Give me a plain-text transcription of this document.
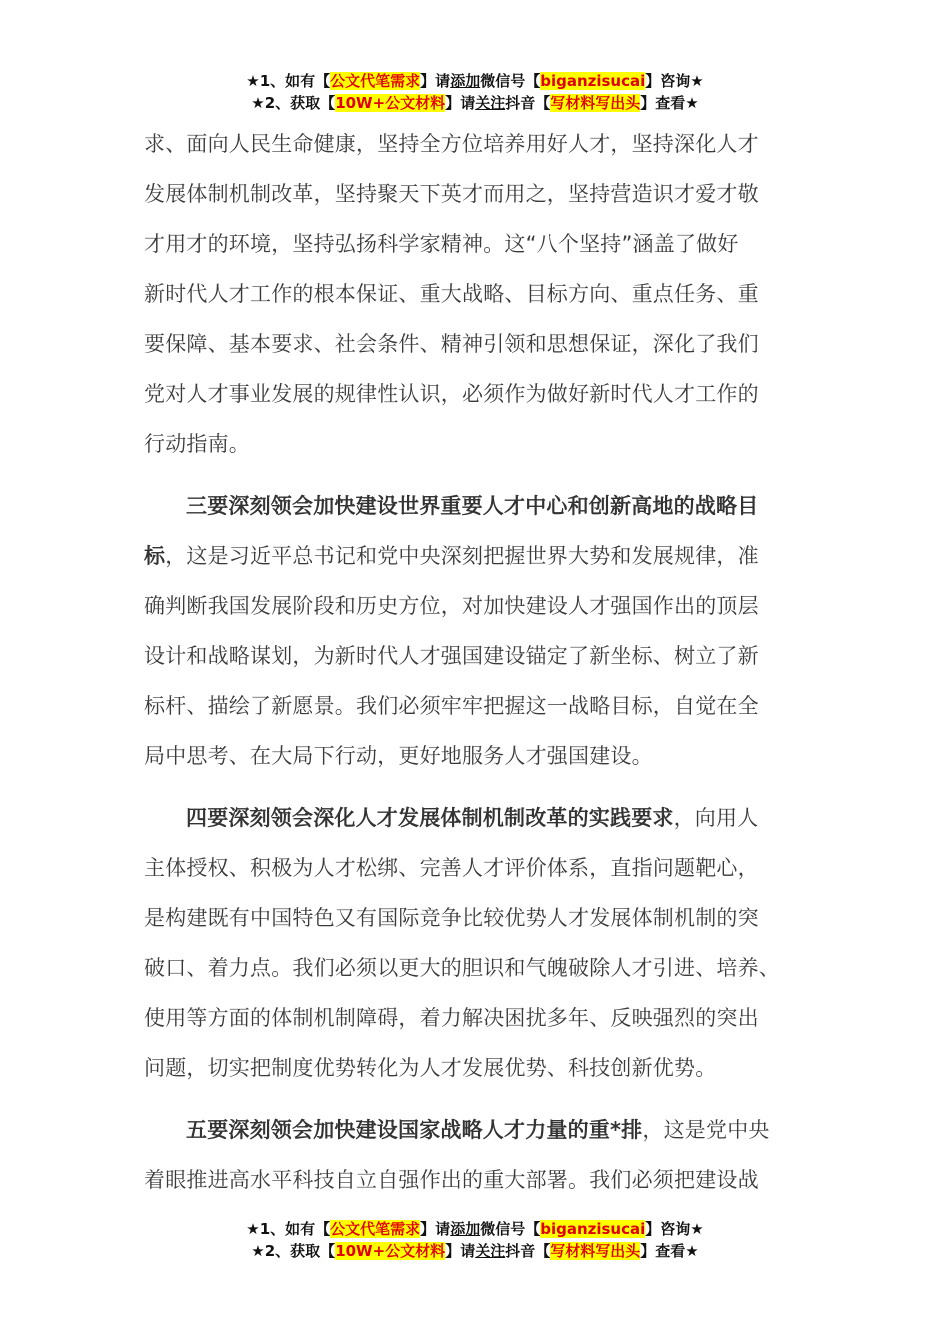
★1、如有【公文代笔需求】请添加微信号【biganzisucai】咨询★
★2、获取【10W+公文材料】请关注抖音【写材料写出头】查看★

求、面向人民生命健康，坚持全方位培养用好人才，坚持深化人才

发展体制机制改革，坚持聚天下英才而用之，坚持营造识才爱才敬

才用才的环境，坚持弘扬科学家精神。这“八个坚持”涵盖了做好

新时代人才工作的根本保证、重大战略、目标方向、重点任务、重

要保障、基本要求、社会条件、精神引领和思想保证，深化了我们

党对人才事业发展的规律性认识，必须作为做好新时代人才工作的

行动指南。

三要深刻领会加快建设世界重要人才中心和创新高地的战略目

标，这是习近平总书记和党中央深刻把握世界大势和发展规律，准

确判断我国发展阶段和历史方位，对加快建设人才强国作出的顶层

设计和战略谋划，为新时代人才强国建设锚定了新坐标、树立了新

标杆、描绘了新愿景。我们必须牢牢把握这一战略目标，自觉在全

局中思考、在大局下行动，更好地服务人才强国建设。

四要深刻领会深化人才发展体制机制改革的实践要求，向用人

主体授权、积极为人才松绑、完善人才评价体系，直指问题靶心，

是构建既有中国特色又有国际竞争比较优势人才发展体制机制的突

破口、着力点。我们必须以更大的胆识和气魄破除人才引进、培养、

使用等方面的体制机制障碍，着力解决困扰多年、反映强烈的突出

问题，切实把制度优势转化为人才发展优势、科技创新优势。

五要深刻领会加快建设国家战略人才力量的重*排，这是党中央

着眼推进高水平科技自立自强作出的重大部署。我们必须把建设战

★1、如有【公文代笔需求】请添加微信号【biganzisucai】咨询★
★2、获取【10W+公文材料】请关注抖音【写材料写出头】查看★
